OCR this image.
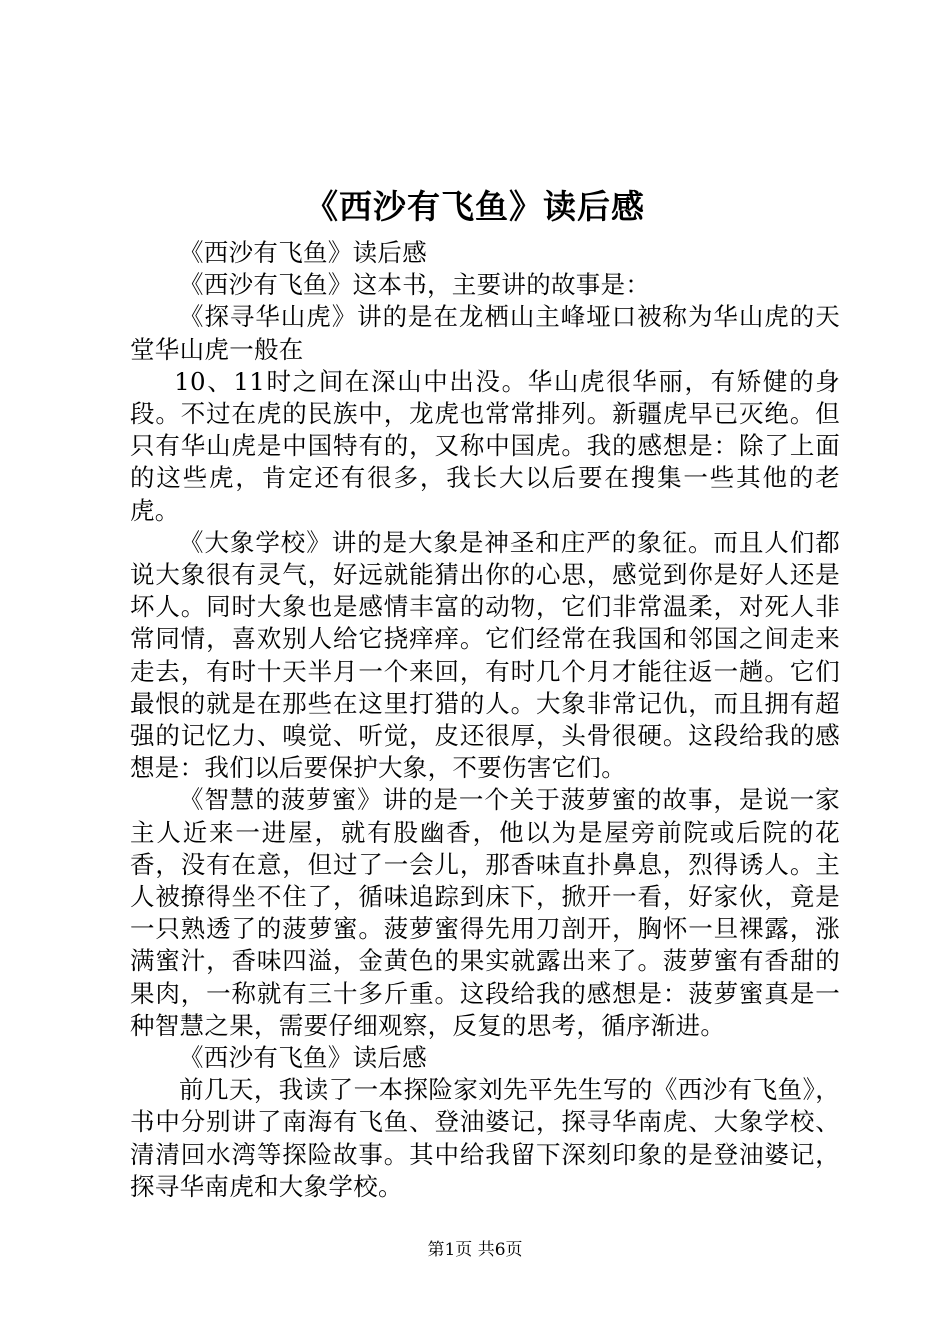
《西沙有飞鱼》读后感

《西沙有飞鱼》读后感

《西沙有飞鱼》这本书，主要讲的故事是：

《探寻华山虎》讲的是在龙栖山主峰垭口被称为华山虎的天堂华山虎一般在

10、11时之间在深山中出没。华山虎很华丽，有矫健的身段。不过在虎的民族中，龙虎也常常排列。新疆虎早已灭绝。但只有华山虎是中国特有的，又称中国虎。我的感想是：除了上面的这些虎，肯定还有很多，我长大以后要在搜集一些其他的老虎。

《大象学校》讲的是大象是神圣和庄严的象征。而且人们都说大象很有灵气，好远就能猜出你的心思，感觉到你是好人还是坏人。同时大象也是感情丰富的动物，它们非常温柔，对死人非常同情，喜欢别人给它挠痒痒。它们经常在我国和邻国之间走来走去，有时十天半月一个来回，有时几个月才能往返一趟。它们最恨的就是在那些在这里打猎的人。大象非常记仇，而且拥有超强的记忆力、嗅觉、听觉，皮还很厚，头骨很硬。这段给我的感想是：我们以后要保护大象，不要伤害它们。

《智慧的菠萝蜜》讲的是一个关于菠萝蜜的故事，是说一家主人近来一进屋，就有股幽香，他以为是屋旁前院或后院的花香，没有在意，但过了一会儿，那香味直扑鼻息，烈得诱人。主人被撩得坐不住了，循味追踪到床下，掀开一看，好家伙，竟是一只熟透了的菠萝蜜。菠萝蜜得先用刀剖开，胸怀一旦裸露，涨满蜜汁，香味四溢，金黄色的果实就露出来了。菠萝蜜有香甜的果肉，一称就有三十多斤重。这段给我的感想是：菠萝蜜真是一种智慧之果，需要仔细观察，反复的思考，循序渐进。

《西沙有飞鱼》读后感

前几天，我读了一本探险家刘先平先生写的《西沙有飞鱼》，书中分别讲了南海有飞鱼、登油婆记，探寻华南虎、大象学校、清清回水湾等探险故事。其中给我留下深刻印象的是登油婆记，探寻华南虎和大象学校。

第1页 共6页
